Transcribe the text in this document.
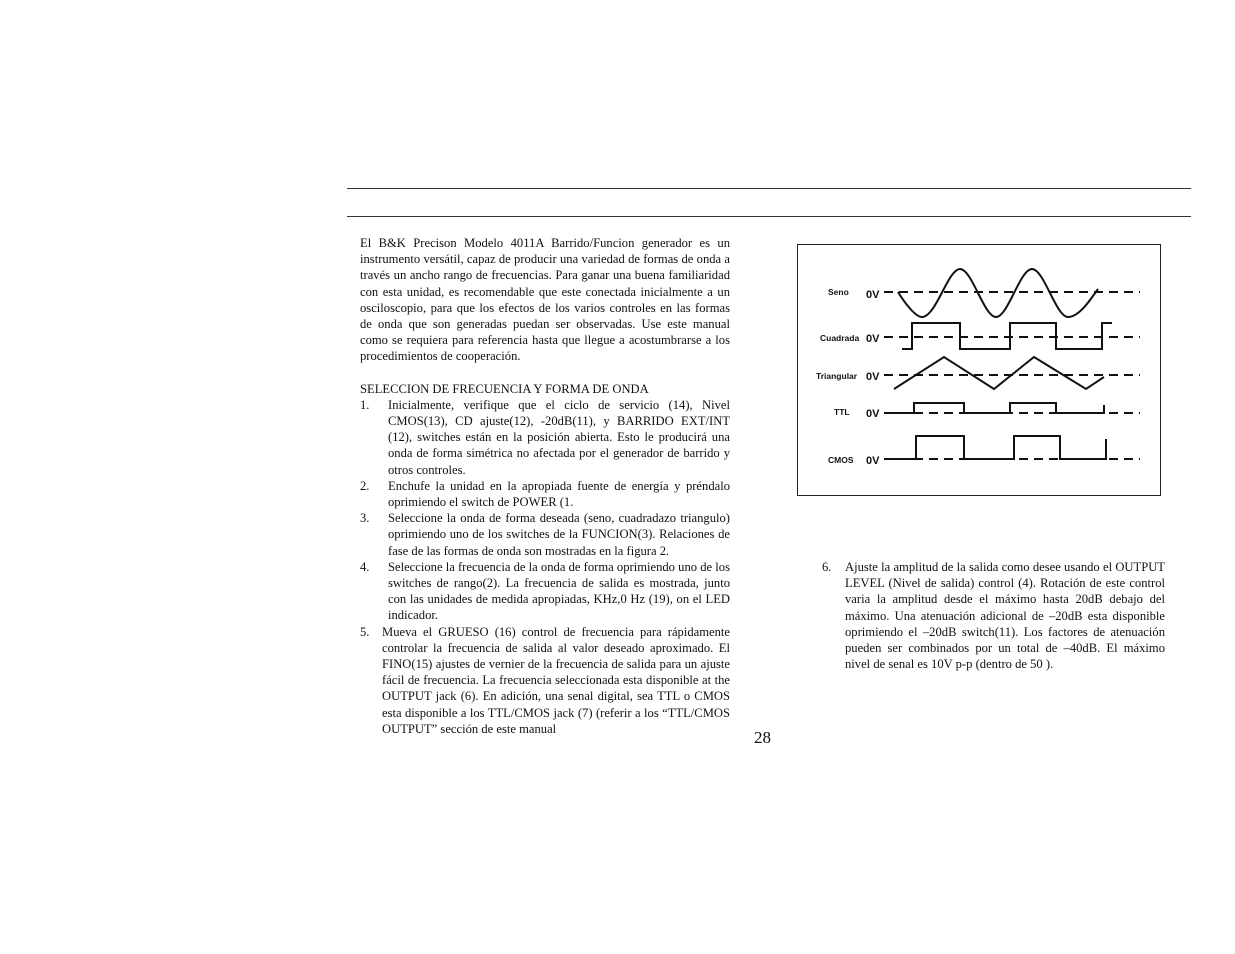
El B&K Precison Modelo 4011A Barrido/Funcion generador es un instrumento versátil, capaz de producir una variedad de formas de onda a través un ancho rango de frecuencias. Para ganar una buena familiaridad con esta unidad, es recomendable que este conectada inicialmente a un osciloscopio, para que los efectos de los varios controles en las formas de onda que son generadas puedan ser observadas. Use este manual como se requiera para referencia hasta que llegue a acostumbrarse a los procedimientos de cooperación.

SELECCION DE FRECUENCIA Y FORMA DE ONDA

1. Inicialmente, verifique que el ciclo de servicio (14), Nivel CMOS(13), CD ajuste(12), -20dB(11), y BARRIDO EXT/INT (12), switches están en la posición abierta. Esto le producirá una onda de forma simétrica no afectada por el generador de barrido y otros controles.
2. Enchufe la unidad en la apropiada fuente de energía y préndalo oprimiendo el switch de POWER (1.
3. Seleccione la onda de forma deseada (seno, cuadradazo triangulo) oprimiendo uno de los switches de la FUNCION(3). Relaciones de fase de las formas de onda son mostradas en la figura 2.
4. Seleccione la frecuencia de la onda de forma oprimiendo uno de los switches de rango(2). La frecuencia de salida es mostrada, junto con las unidades de medida apropiadas, KHz,0 Hz (19), on el LED indicador.
5. Mueva el GRUESO (16) control de frecuencia para rápidamente controlar la frecuencia de salida al valor deseado aproximado. El FINO(15) ajustes de vernier de la frecuencia de salida para un ajuste fácil de frecuencia. La frecuencia seleccionada esta disponible at the OUTPUT jack (6). En adición, una senal digital, sea TTL o CMOS esta disponible a los TTL/CMOS jack (7) (referir a los “TTL/CMOS OUTPUT” sección de este manual
Seno 0V
Cuadrada 0V
Triangular 0V
TTL 0V
CMOS 0V
6. Ajuste la amplitud de la salida como desee usando el OUTPUT LEVEL (Nivel de salida) control (4). Rotación de este control varia la amplitud desde el máximo hasta 20dB debajo del máximo. Una atenuación adicional de –20dB esta disponible oprimiendo el –20dB switch(11). Los factores de atenuación pueden ser combinados por un total de –40dB. El máximo nivel de senal es 10V p-p (dentro de 50 ).
28
